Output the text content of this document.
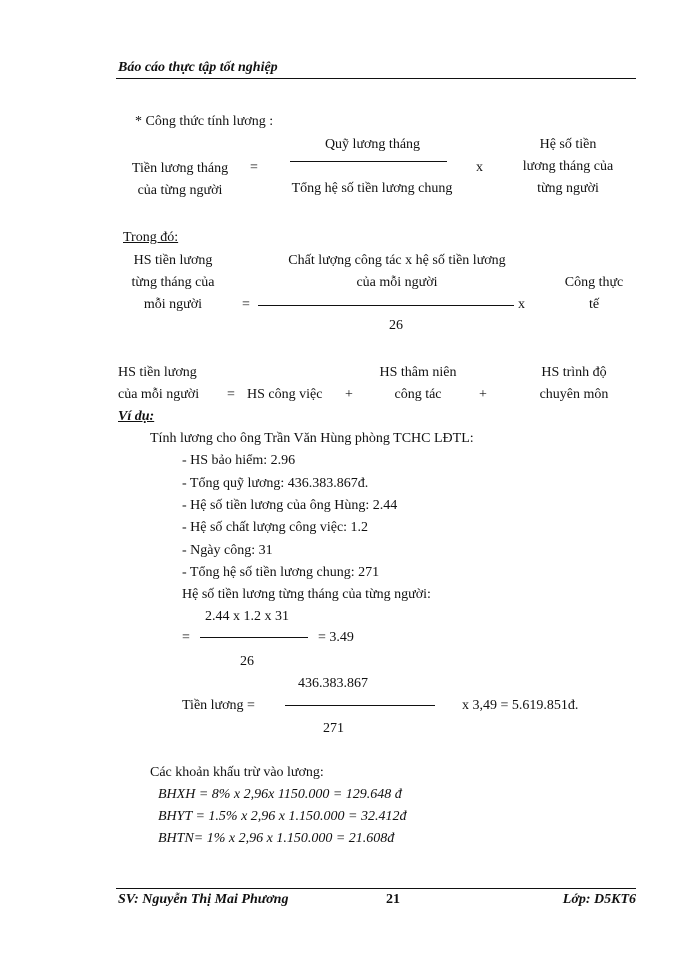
Báo cáo thực tập tốt nghiệp
* Công thức tính lương :
Tiền lương tháng
của từng người
=
Quỹ lương tháng
Tổng hệ số tiền lương chung
x
Hệ số tiền
lương tháng của
từng người
Trong đó:
HS tiền lương
từng tháng của
mỗi người	=
Chất lượng công tác x hệ số tiền lương
của mỗi người
26
x
Công thực
tế
HS tiền lương
của mỗi người = HS công việc +
HS thâm niên
công tác	+
HS trình độ
chuyên môn
Ví dụ:
Tính lương cho ông Trần Văn Hùng phòng TCHC LĐTL:
- HS bảo hiểm: 2.96
- Tổng quỹ lương: 436.383.867đ.
- Hệ số tiền lương của ông Hùng: 2.44
- Hệ số chất lượng công việc: 1.2
- Ngày công: 31
- Tổng hệ số tiền lương chung: 271
Hệ số tiền lương từng tháng của từng người:
2.44 x 1.2 x 31
=	= 3.49
26
436.383.867
Tiền lương =	x 3,49 = 5.619.851đ.
271
Các khoản khấu trừ vào lương:
BHXH = 8% x 2,96x 1150.000 = 129.648 đ
BHYT = 1.5% x 2,96 x 1.150.000 = 32.412đ
BHTN= 1% x 2,96 x 1.150.000 = 21.608đ
SV: Nguyễn Thị Mai Phương	21	Lớp: D5KT6
